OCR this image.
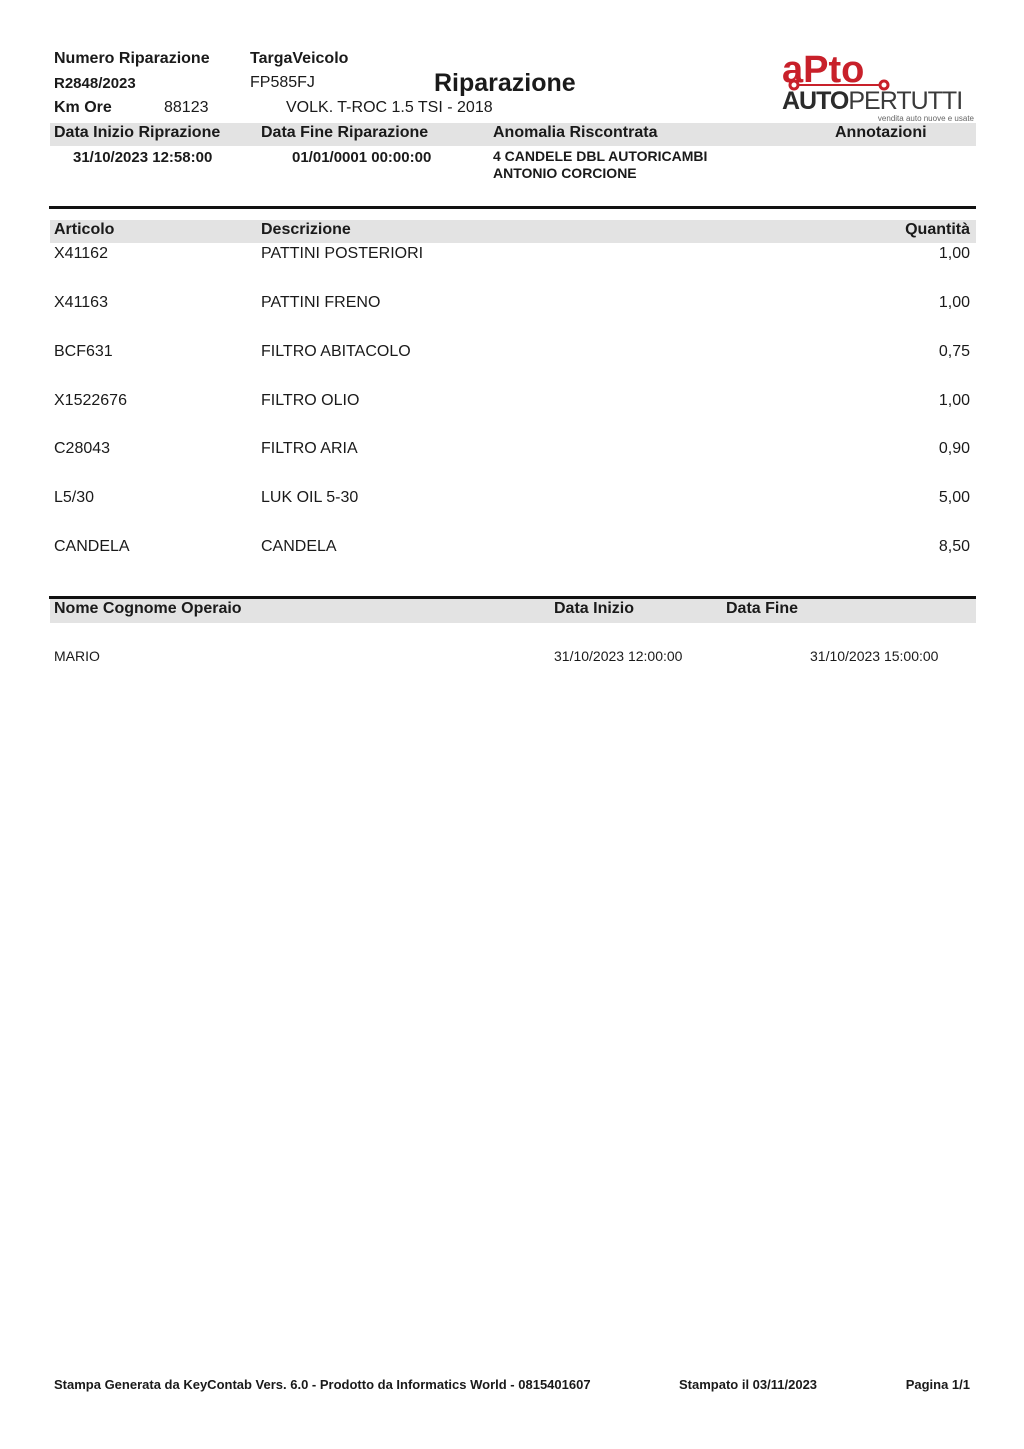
Numero Riparazione
R2848/2023
Km Ore	88123
TargaVeicolo
FP585FJ	Riparazione
VOLK. T-ROC 1.5 TSI - 2018
aPto
AUTOPERTUTTI
vendita auto nuove e usate
Data Inizio Riprazione	Data Fine Riparazione	Anomalia Riscontrata	Annotazioni
31/10/2023 12:58:00	01/01/0001 00:00:00	4 CANDELE DBL AUTORICAMBI
ANTONIO CORCIONE
Articolo	Descrizione	Quantità
X41162	PATTINI POSTERIORI	1,00
X41163	PATTINI FRENO	1,00
BCF631	FILTRO ABITACOLO	0,75
X1522676	FILTRO OLIO	1,00
C28043	FILTRO ARIA	0,90
L5/30	LUK OIL 5-30	5,00
CANDELA	CANDELA	8,50
Nome Cognome Operaio	Data Inizio	Data Fine
MARIO	31/10/2023 12:00:00	31/10/2023 15:00:00
Stampa Generata da KeyContab Vers. 6.0 - Prodotto da Informatics World - 0815401607	Stampato il 03/11/2023	Pagina 1/1
